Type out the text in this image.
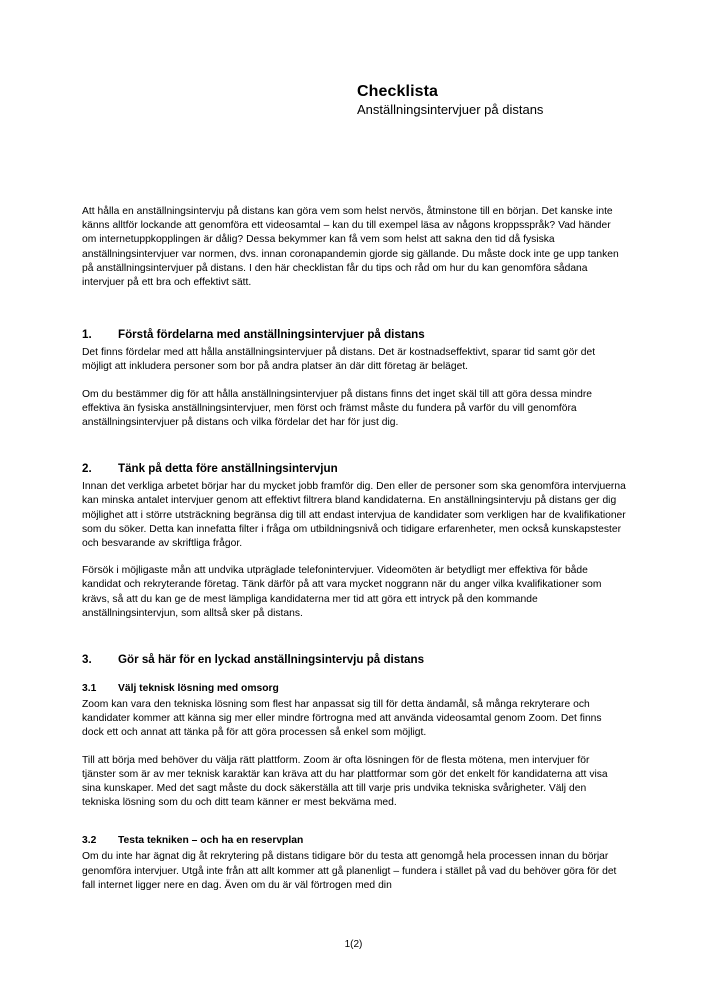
Checklista
Anställningsintervjuer på distans

Att hålla en anställningsintervju på distans kan göra vem som helst nervös, åtminstone till en början. Det kanske inte känns alltför lockande att genomföra ett videosamtal – kan du till exempel läsa av någons kroppsspråk? Vad händer om internetuppkopplingen är dålig? Dessa bekymmer kan få vem som helst att sakna den tid då fysiska anställningsintervjuer var normen, dvs. innan coronapandemin gjorde sig gällande. Du måste dock inte ge upp tanken på anställningsintervjuer på distans. I den här checklistan får du tips och råd om hur du kan genomföra sådana intervjuer på ett bra och effektivt sätt.

1.	Förstå fördelarna med anställningsintervjuer på distans

Det finns fördelar med att hålla anställningsintervjuer på distans. Det är kostnadseffektivt, sparar tid samt gör det möjligt att inkludera personer som bor på andra platser än där ditt företag är beläget.

Om du bestämmer dig för att hålla anställningsintervjuer på distans finns det inget skäl till att göra dessa mindre effektiva än fysiska anställningsintervjuer, men först och främst måste du fundera på varför du vill genomföra anställningsintervjuer på distans och vilka fördelar det har för just dig.

2.	Tänk på detta före anställningsintervjun

Innan det verkliga arbetet börjar har du mycket jobb framför dig. Den eller de personer som ska genomföra intervjuerna kan minska antalet intervjuer genom att effektivt filtrera bland kandidaterna. En anställningsintervju på distans ger dig möjlighet att i större utsträckning begränsa dig till att endast intervjua de kandidater som verkligen har de kvalifikationer som du söker. Detta kan innefatta filter i fråga om utbildningsnivå och tidigare erfarenheter, men också kunskapstester och besvarande av skriftliga frågor.

Försök i möjligaste mån att undvika utpräglade telefonintervjuer. Videomöten är betydligt mer effektiva för både kandidat och rekryterande företag. Tänk därför på att vara mycket noggrann när du anger vilka kvalifikationer som krävs, så att du kan ge de mest lämpliga kandidaterna mer tid att göra ett intryck på den kommande anställningsintervjun, som alltså sker på distans.

3.	Gör så här för en lyckad anställningsintervju på distans
3.1	Välj teknisk lösning med omsorg

Zoom kan vara den tekniska lösning som flest har anpassat sig till för detta ändamål, så många rekryterare och kandidater kommer att känna sig mer eller mindre förtrogna med att använda videosamtal genom Zoom. Det finns dock ett och annat att tänka på för att göra processen så enkel som möjligt.

Till att börja med behöver du välja rätt plattform. Zoom är ofta lösningen för de flesta mötena, men intervjuer för tjänster som är av mer teknisk karaktär kan kräva att du har plattformar som gör det enkelt för kandidaterna att visa sina kunskaper. Med det sagt måste du dock säkerställa att till varje pris undvika tekniska svårigheter. Välj den tekniska lösning som du och ditt team känner er mest bekväma med.

3.2	Testa tekniken – och ha en reservplan

Om du inte har ägnat dig åt rekrytering på distans tidigare bör du testa att genomgå hela processen innan du börjar genomföra intervjuer. Utgå inte från att allt kommer att gå planenligt – fundera i stället på vad du behöver göra för det fall internet ligger nere en dag. Även om du är väl förtrogen med din

1(2)
